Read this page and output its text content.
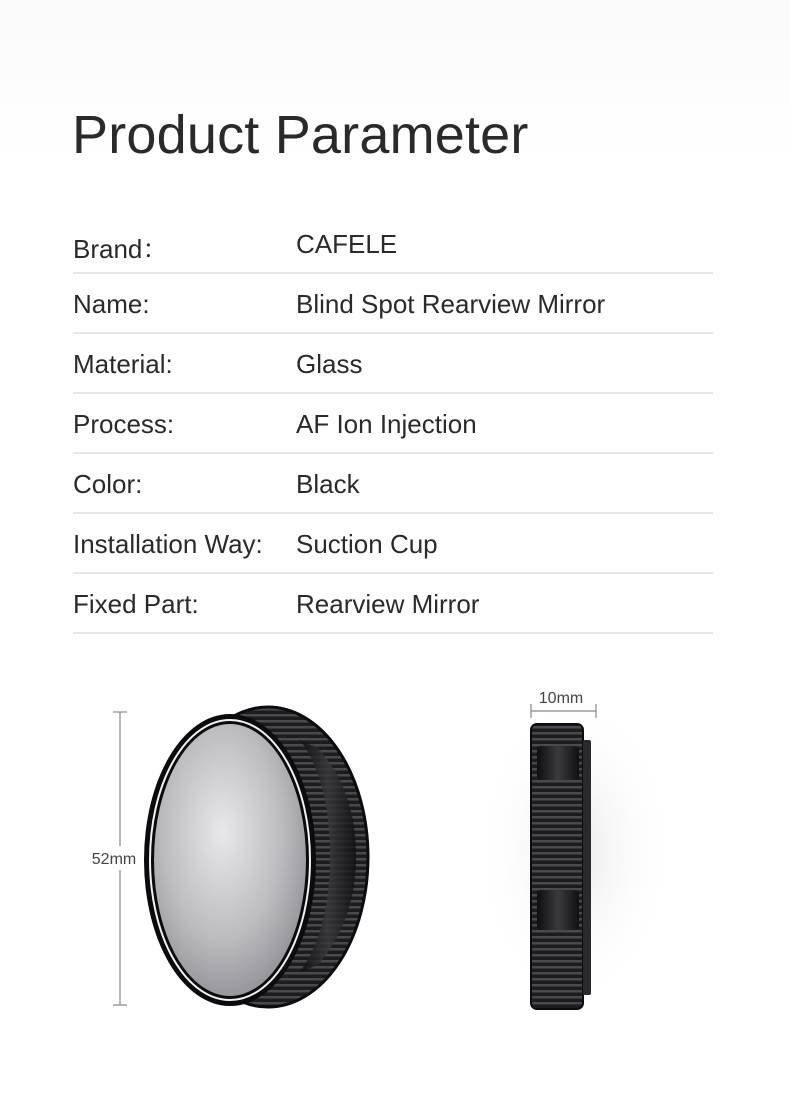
Product Parameter
Brand：	CAFELE
Name:	Blind Spot Rearview Mirror
Material:	Glass
Process:	AF Ion Injection
Color:	Black
Installation Way: Suction Cup
Fixed Part:	Rearview Mirror
52mm
10mm
